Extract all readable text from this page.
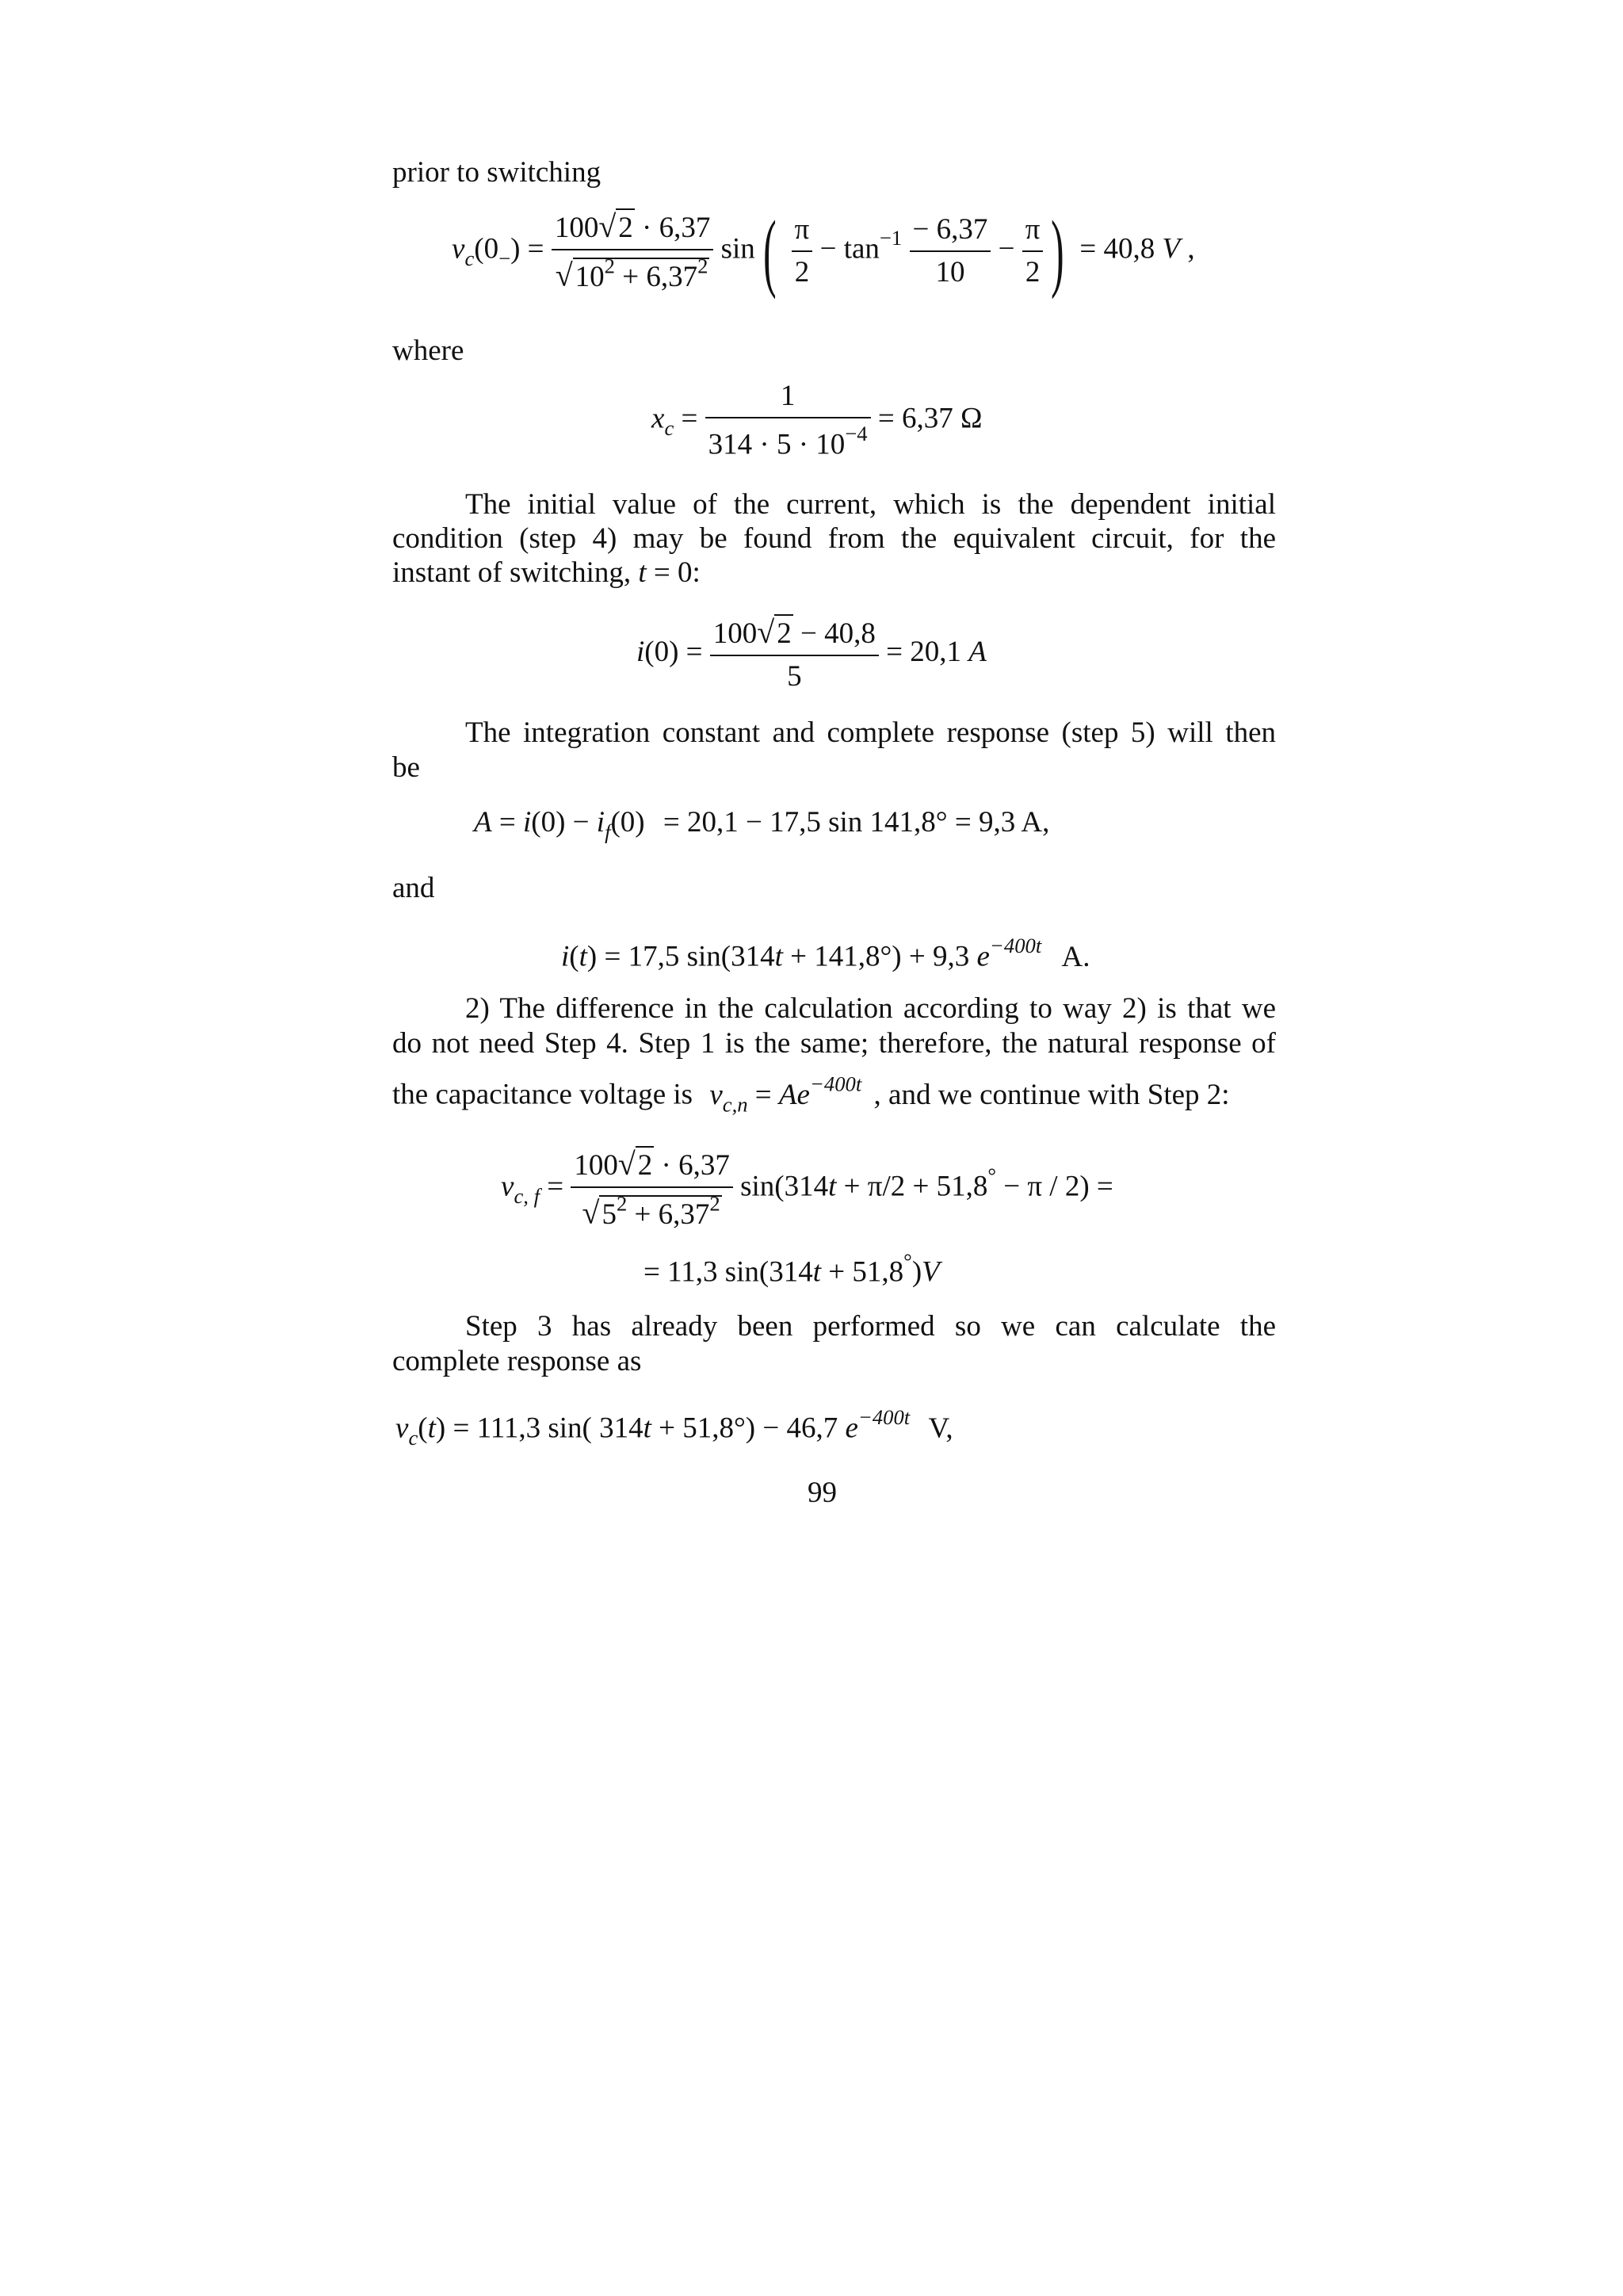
prior to switching
$v_c(0_-) = \frac{100√2 \cdot 6,37}{√10^2 + 6,37^2} \sin( \frac{\pi}{2} - \tan^{-1} \frac{- 6,37}{10} - \frac{\pi}{2}$ ) = 40,8 V ,
where
$x_c = \frac{1}{314 \cdot 5 \cdot 10^{-4}} = 6,37$ Ω
The initial value of the current, which is the dependent initial
condition (step 4) may be found from the equivalent circuit, for the
instant of switching, t = 0:
$i(0) = \frac{100√2 - 40,8}{5} = 20,1$ A
The integration constant and complete response (step 5) will then
be
$A = i(0) - i_f(0) = 20,1 - 17,5$ sin 141,8° = 9,3 A,
and
i(t) = 17,5 sin(314t + 141,8°) + 9,3 $e^{-400t}$ A.
2) The difference in the calculation according to way 2) is that we
do not need Step 4. Step 1 is the same; therefore, the natural response of
the capacitance voltage is $v_{c,n} = Ae^{-400t}$ , and we continue with Step 2:
$v_{c, f} = \frac{100√2 \cdot 6,37}{√5^2 + 6,37^2} \sin(314t + \pi/2 + 51,8^\circ - \pi / 2)$ =
= 11,3 sin(314t + 51,8°)V
Step 3 has already been performed so we can calculate the
complete response as
$v_c(t) = 111,3$ sin( 314t + 51,8°) − 46,7 $e^{-400t}$ V,
99
